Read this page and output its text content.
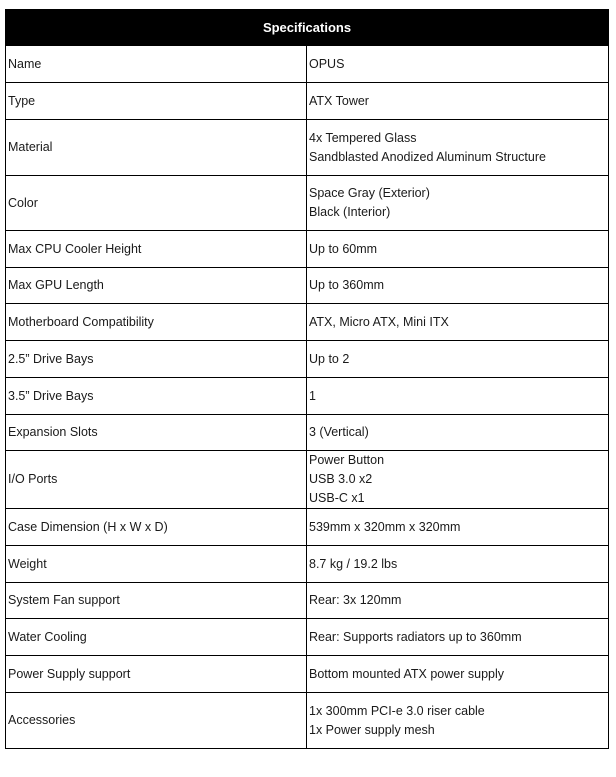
Specifications	
Name	OPUS

Type	ATX Tower

Material	4x Tempered Glass
Sandblasted Anodized Aluminum Structure

Color	Space Gray (Exterior)
Black (Interior)

Max CPU Cooler Height	Up to 60mm

Max GPU Length	Up to 360mm

Motherboard Compatibility	ATX, Micro ATX, Mini ITX

2.5” Drive Bays	Up to 2

3.5” Drive Bays	1

Expansion Slots	3 (Vertical)

I/O Ports	Power Button
USB 3.0 x2
USB-C x1

Case Dimension (H x W x D)	539mm x 320mm x 320mm

Weight	8.7 kg / 19.2 lbs

System Fan support	Rear: 3x 120mm

Water Cooling	Rear: Supports radiators up to 360mm

Power Supply support	Bottom mounted ATX power supply

Accessories	1x 300mm PCI-e 3.0 riser cable
1x Power supply mesh
